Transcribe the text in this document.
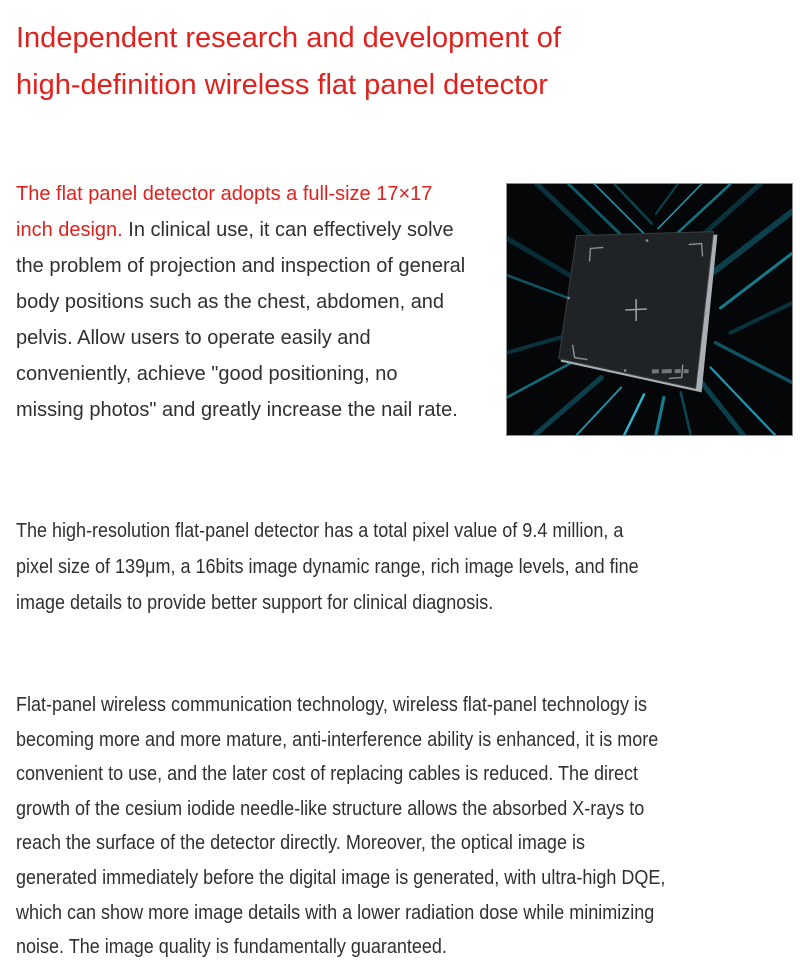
Independent research and development of
high-definition wireless flat panel detector
The flat panel detector adopts a full-size 17×17
inch design. In clinical use, it can effectively solve
the problem of projection and inspection of general
body positions such as the chest, abdomen, and
pelvis. Allow users to operate easily and
conveniently, achieve "good positioning, no
missing photos" and greatly increase the nail rate.
The high-resolution flat-panel detector has a total pixel value of 9.4 million, a
pixel size of 139μm, a 16bits image dynamic range, rich image levels, and fine
image details to provide better support for clinical diagnosis.
Flat-panel wireless communication technology, wireless flat-panel technology is
becoming more and more mature, anti-interference ability is enhanced, it is more
convenient to use, and the later cost of replacing cables is reduced. The direct
growth of the cesium iodide needle-like structure allows the absorbed X-rays to
reach the surface of the detector directly. Moreover, the optical image is
generated immediately before the digital image is generated, with ultra-high DQE,
which can show more image details with a lower radiation dose while minimizing
noise. The image quality is fundamentally guaranteed.
